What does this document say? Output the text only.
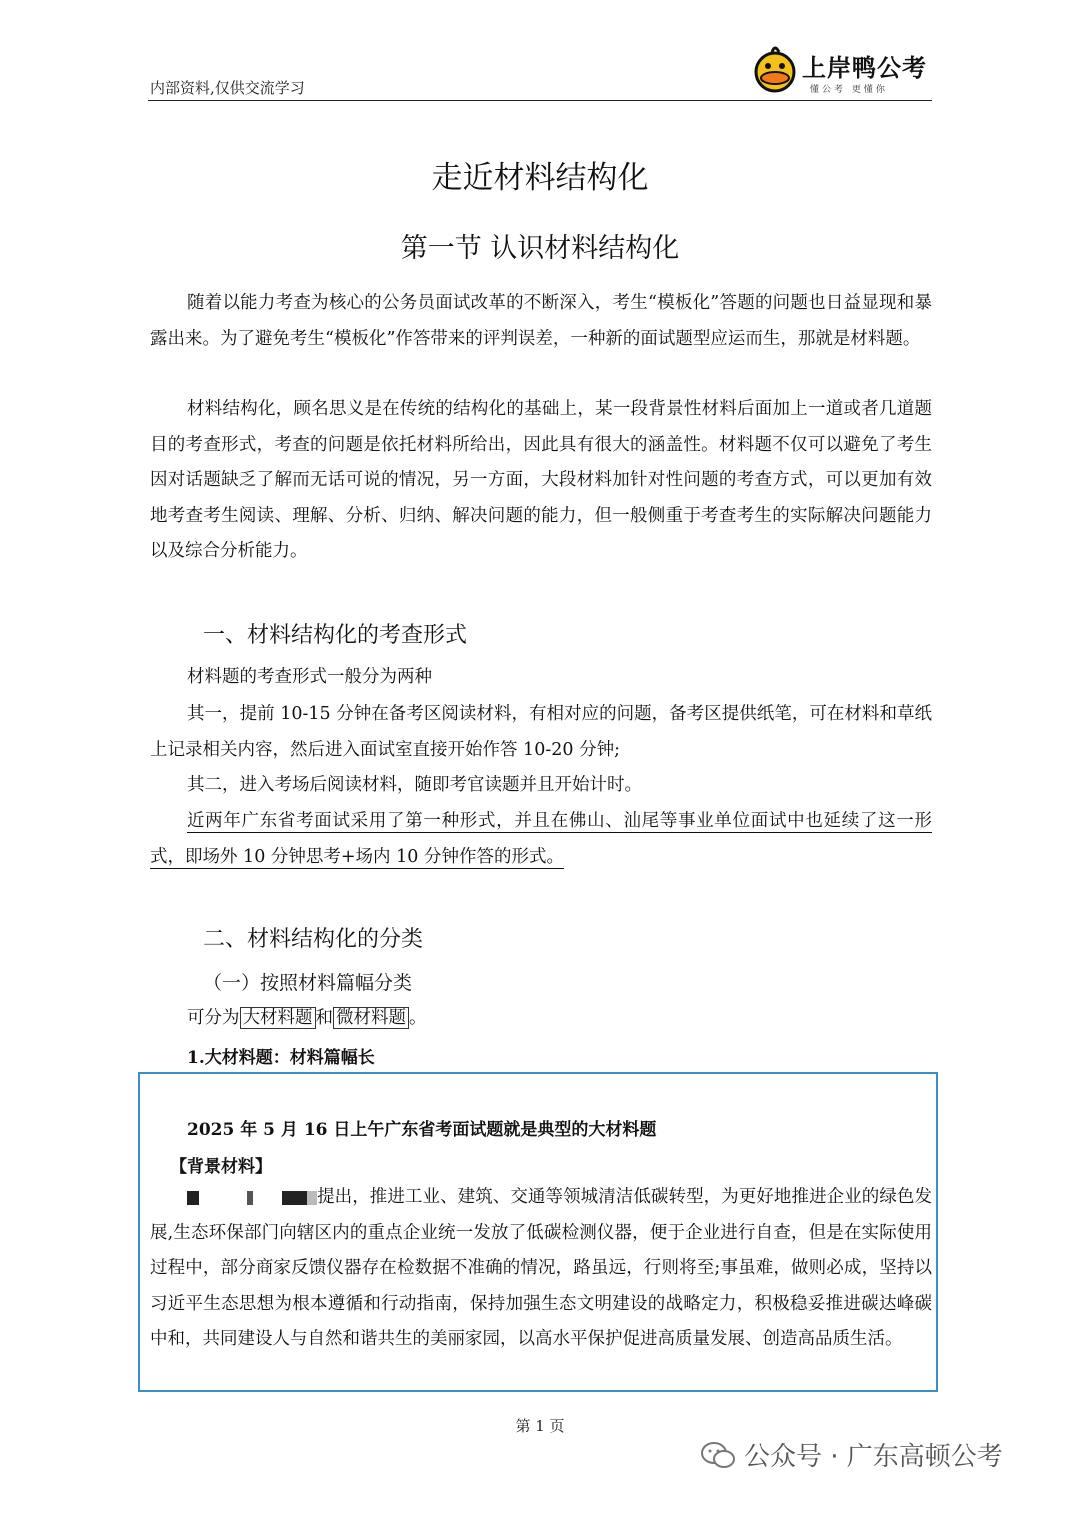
内部资料,仅供交流学习
上岸鸭公考
懂公考 更懂你
走近材料结构化
第一节 认识材料结构化

随着以能力考查为核心的公务员面试改革的不断深入，考生“模板化”答题的问题也日益显现和暴露出来。为了避免考生“模板化”作答带来的评判误差，一种新的面试题型应运而生，那就是材料题。

材料结构化，顾名思义是在传统的结构化的基础上，某一段背景性材料后面加上一道或者几道题目的考查形式，考查的问题是依托材料所给出，因此具有很大的涵盖性。材料题不仅可以避免了考生因对话题缺乏了解而无话可说的情况，另一方面，大段材料加针对性问题的考查方式，可以更加有效地考查考生阅读、理解、分析、归纳、解决问题的能力，但一般侧重于考查考生的实际解决问题能力以及综合分析能力。

一、材料结构化的考查形式

材料题的考查形式一般分为两种

其一，提前 10-15 分钟在备考区阅读材料，有相对应的问题，备考区提供纸笔，可在材料和草纸上记录相关内容，然后进入面试室直接开始作答 10-20 分钟;

其二，进入考场后阅读材料，随即考官读题并且开始计时。

近两年广东省考面试采用了第一种形式，并且在佛山、汕尾等事业单位面试中也延续了这一形式，即场外 10 分钟思考+场内 10 分钟作答的形式。

二、材料结构化的分类
（一）按照材料篇幅分类
可分为 大材料题 和 微材料题 。
1.大材料题：材料篇幅长
2025 年 5 月 16 日上午广东省考面试题就是典型的大材料题
【背景材料】

提出，推进工业、建筑、交通等领城清洁低碳转型，为更好地推进企业的绿色发展,生态环保部门向辖区内的重点企业统一发放了低碳检测仪器，便于企业进行自查，但是在实际使用过程中，部分商家反馈仪器存在检数据不准确的情况，路虽远，行则将至;事虽难，做则必成，坚持以习近平生态思想为根本遵循和行动指南，保持加强生态文明建设的战略定力，积极稳妥推进碳达峰碳中和，共同建设人与自然和谐共生的美丽家园，以高水平保护促进高质量发展、创造高品质生活。

第 1 页
公众号 · 广东高顿公考
